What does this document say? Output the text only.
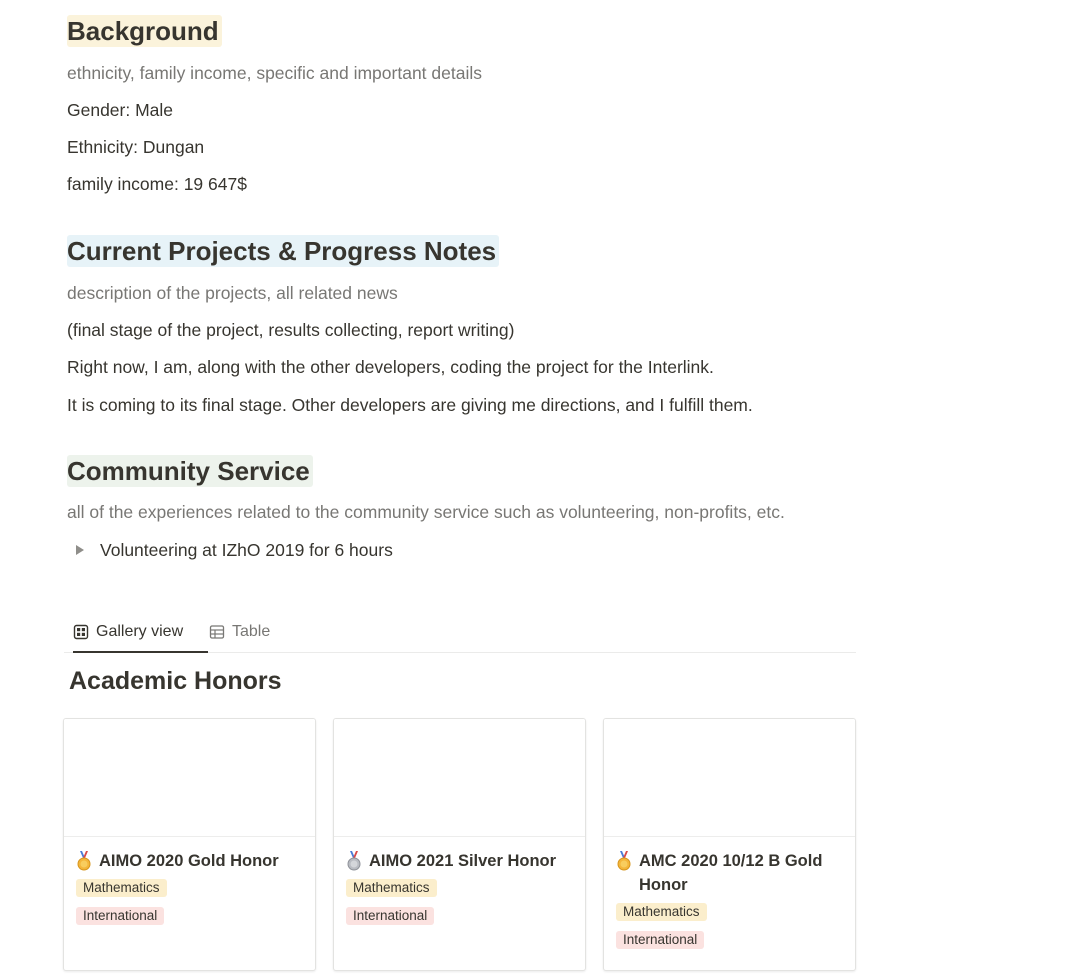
Background
ethnicity, family income, specific and important details
Gender: Male
Ethnicity: Dungan
family income: 19 647$
Current Projects & Progress Notes
description of the projects, all related news
(final stage of the project, results collecting, report writing)
Right now, I am, along with the other developers, coding the project for the Interlink.
It is coming to its final stage. Other developers are giving me directions, and I fulfill them.
Community Service
all of the experiences related to the community service such as volunteering, non-profits, etc.
Volunteering at IZhO 2019 for 6 hours
Gallery view	Table
Academic Honors
AIMO 2020 Gold Honor
Mathematics
International
AIMO 2021 Silver Honor
Mathematics
International
AMC 2020 10/12 B Gold Honor
Mathematics
International
